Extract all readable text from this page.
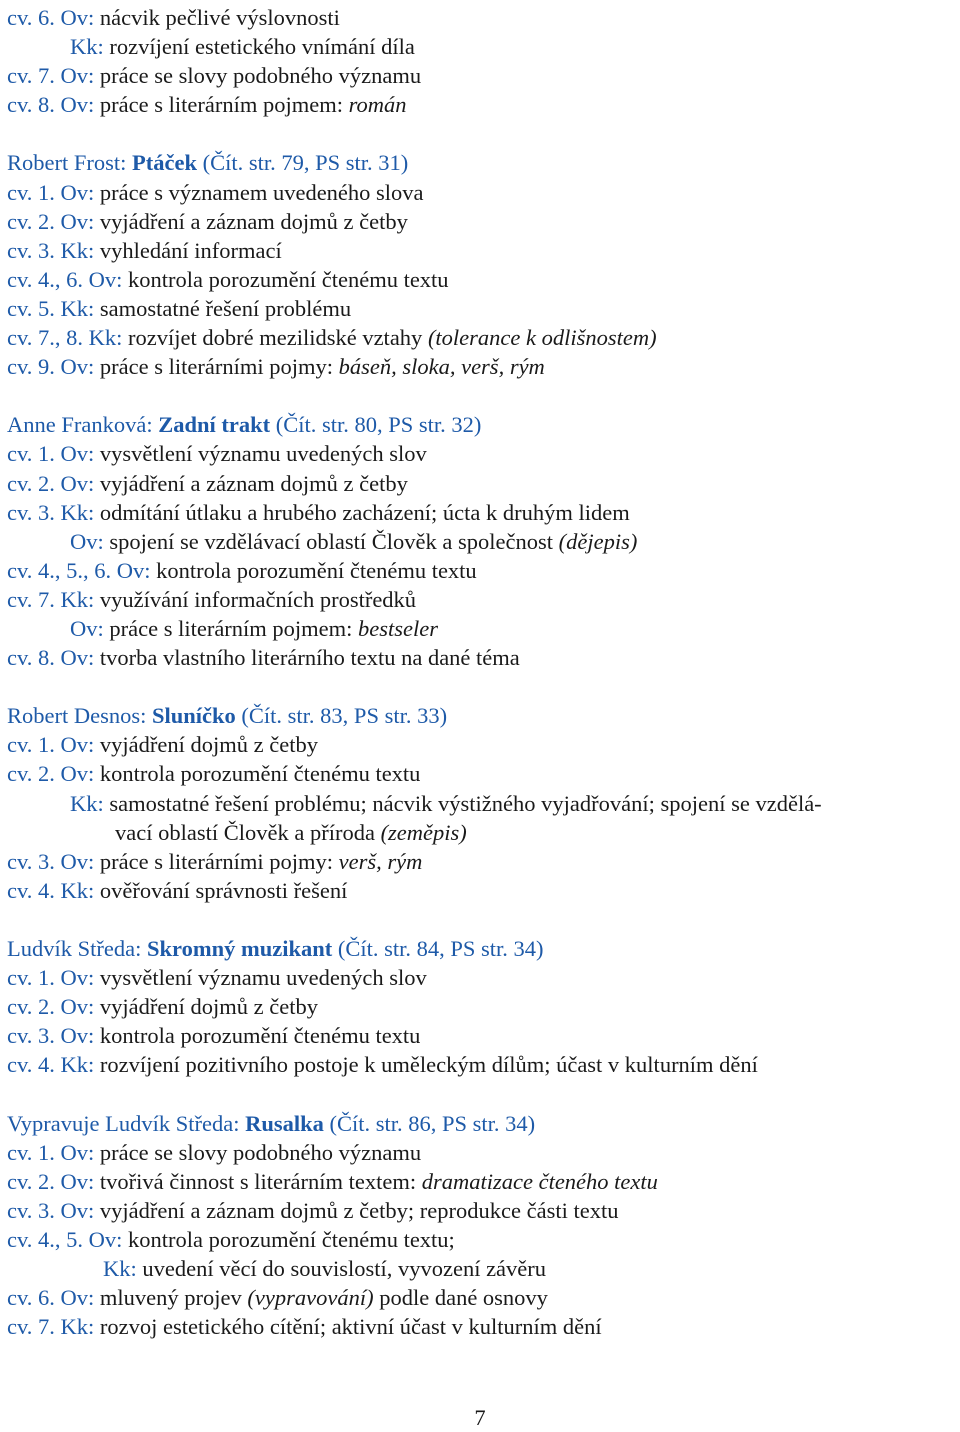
cv. 6. Ov: nácvik pečlivé výslovnosti
Kk: rozvíjení estetického vnímání díla
cv. 7. Ov: práce se slovy podobného významu
cv. 8. Ov: práce s literárním pojmem: román
Robert Frost: Ptáček (Čít. str. 79, PS str. 31)
cv. 1. Ov: práce s významem uvedeného slova
cv. 2. Ov: vyjádření a záznam dojmů z četby
cv. 3. Kk: vyhledání informací
cv. 4., 6. Ov: kontrola porozumění čtenému textu
cv. 5. Kk: samostatné řešení problému
cv. 7., 8. Kk: rozvíjet dobré mezilidské vztahy (tolerance k odlišnostem)
cv. 9. Ov: práce s literárními pojmy: báseň, sloka, verš, rým
Anne Franková: Zadní trakt (Čít. str. 80, PS str. 32)
cv. 1. Ov: vysvětlení významu uvedených slov
cv. 2. Ov: vyjádření a záznam dojmů z četby
cv. 3. Kk: odmítání útlaku a hrubého zacházení; úcta k druhým lidem
Ov: spojení se vzdělávací oblastí Člověk a společnost (dějepis)
cv. 4., 5., 6. Ov: kontrola porozumění čtenému textu
cv. 7. Kk: využívání informačních prostředků
Ov: práce s literárním pojmem: bestseler
cv. 8. Ov: tvorba vlastního literárního textu na dané téma
Robert Desnos: Sluníčko (Čít. str. 83, PS str. 33)
cv. 1. Ov: vyjádření dojmů z četby
cv. 2. Ov: kontrola porozumění čtenému textu
Kk: samostatné řešení problému; nácvik výstižného vyjadřování; spojení se vzdělá-
vací oblastí Člověk a příroda (zeměpis)
cv. 3. Ov: práce s literárními pojmy: verš, rým
cv. 4. Kk: ověřování správnosti řešení
Ludvík Středa: Skromný muzikant (Čít. str. 84, PS str. 34)
cv. 1. Ov: vysvětlení významu uvedených slov
cv. 2. Ov: vyjádření dojmů z četby
cv. 3. Ov: kontrola porozumění čtenému textu
cv. 4. Kk: rozvíjení pozitivního postoje k uměleckým dílům; účast v kulturním dění
Vypravuje Ludvík Středa: Rusalka (Čít. str. 86, PS str. 34)
cv. 1. Ov: práce se slovy podobného významu
cv. 2. Ov: tvořivá činnost s literárním textem: dramatizace čteného textu
cv. 3. Ov: vyjádření a záznam dojmů z četby; reprodukce části textu
cv. 4., 5. Ov: kontrola porozumění čtenému textu;
Kk: uvedení věcí do souvislostí, vyvození závěru
cv. 6. Ov: mluvený projev (vypravování) podle dané osnovy
cv. 7. Kk: rozvoj estetického cítění; aktivní účast v kulturním dění
7
